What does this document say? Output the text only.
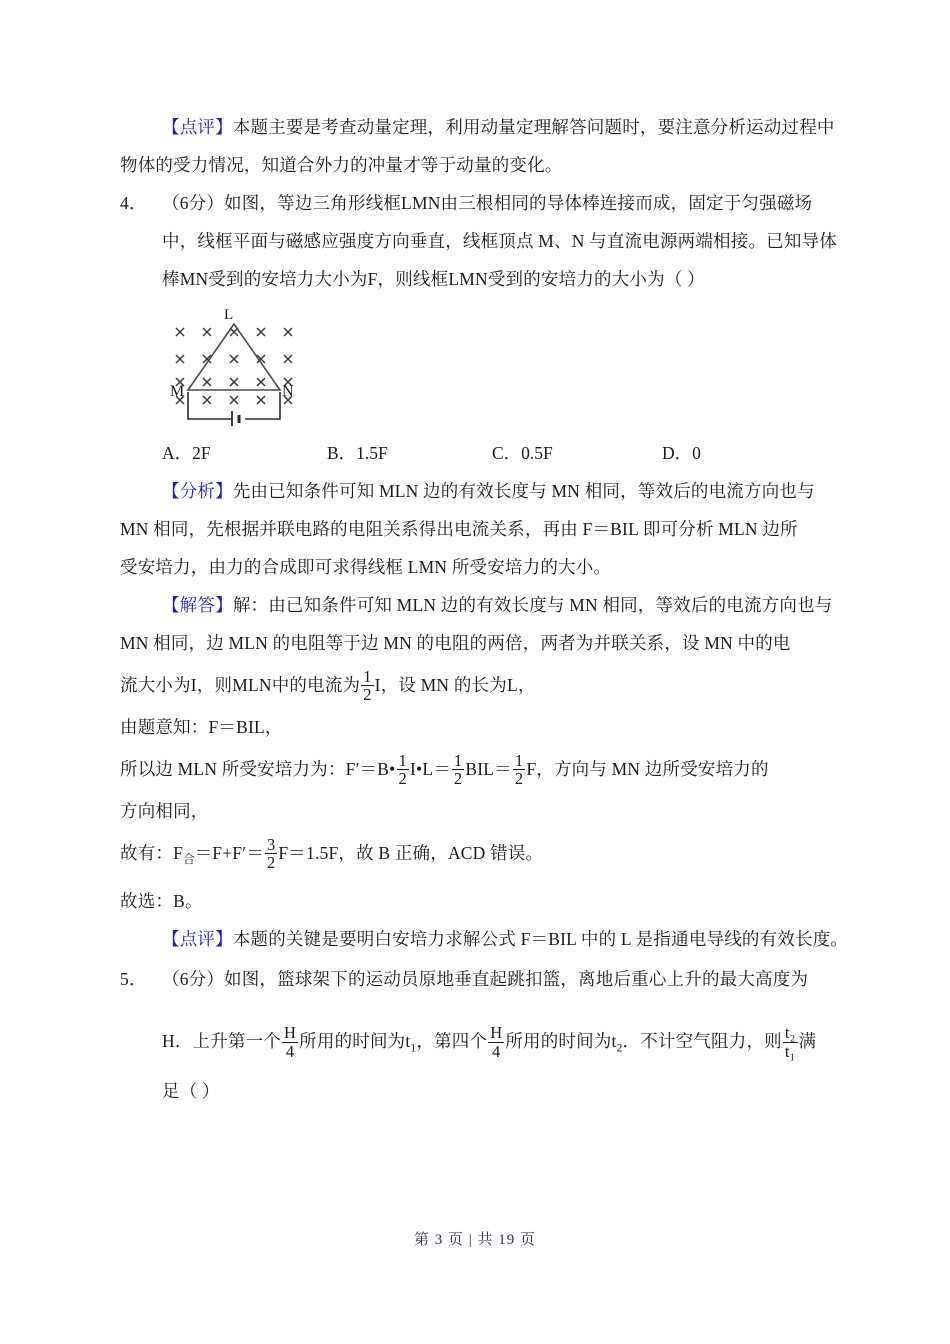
【点评】本题主要是考查动量定理，利用动量定理解答问题时，要注意分析运动过程中
物体的受力情况，知道合外力的冲量才等于动量的变化。
4． （6分）如图，等边三角形线框LMN由三根相同的导体棒连接而成，固定于匀强磁场
中，线框平面与磁感应强度方向垂直，线框顶点 M、N 与直流电源两端相接。已知导体
棒MN受到的安培力大小为F，则线框LMN受到的安培力的大小为（ ）
L
M	N
A．2F	B．1.5F	C．0.5F	D．0
【分析】先由已知条件可知 MLN 边的有效长度与 MN 相同，等效后的电流方向也与
MN 相同，先根据并联电路的电阻关系得出电流关系，再由 F＝BIL 即可分析 MLN 边所
受安培力，由力的合成即可求得线框 LMN 所受安培力的大小。
【解答】解：由已知条件可知 MLN 边的有效长度与 MN 相同，等效后的电流方向也与
MN 相同，边 MLN 的电阻等于边 MN 的电阻的两倍，两者为并联关系，设 MN 中的电
流大小为I，则MLN中的电流为 $\frac{1}{2}$ I，设 MN 的长为L，
由题意知：F＝BIL，
所以边 MLN 所受安培力为：F′＝B• $\frac{1}{2}$ I•L＝ $\frac{1}{2} BIL= \frac{1}{2}$ F，方向与 MN 边所受安培力的
方向相同，
故有：$F_合=F+F'= \frac{3}{2} F=1.5F$，故 B 正确，ACD 错误。
故选：B。
【点评】本题的关键是要明白安培力求解公式 F＝BIL 中的 L 是指通电导线的有效长度。
5． （6分）如图，篮球架下的运动员原地垂直起跳扣篮，离地后重心上升的最大高度为
H．上升第一个 $\frac{H}{4}$ 所用的时间为$t_1$，第四个 $\frac{H}{4}$ 所用的时间为$t_2$．不计空气阻力，则 $\frac{\text{t₂}}{\text{t₁}}$ 满
足（ ）
第 3 页 | 共 19 页
